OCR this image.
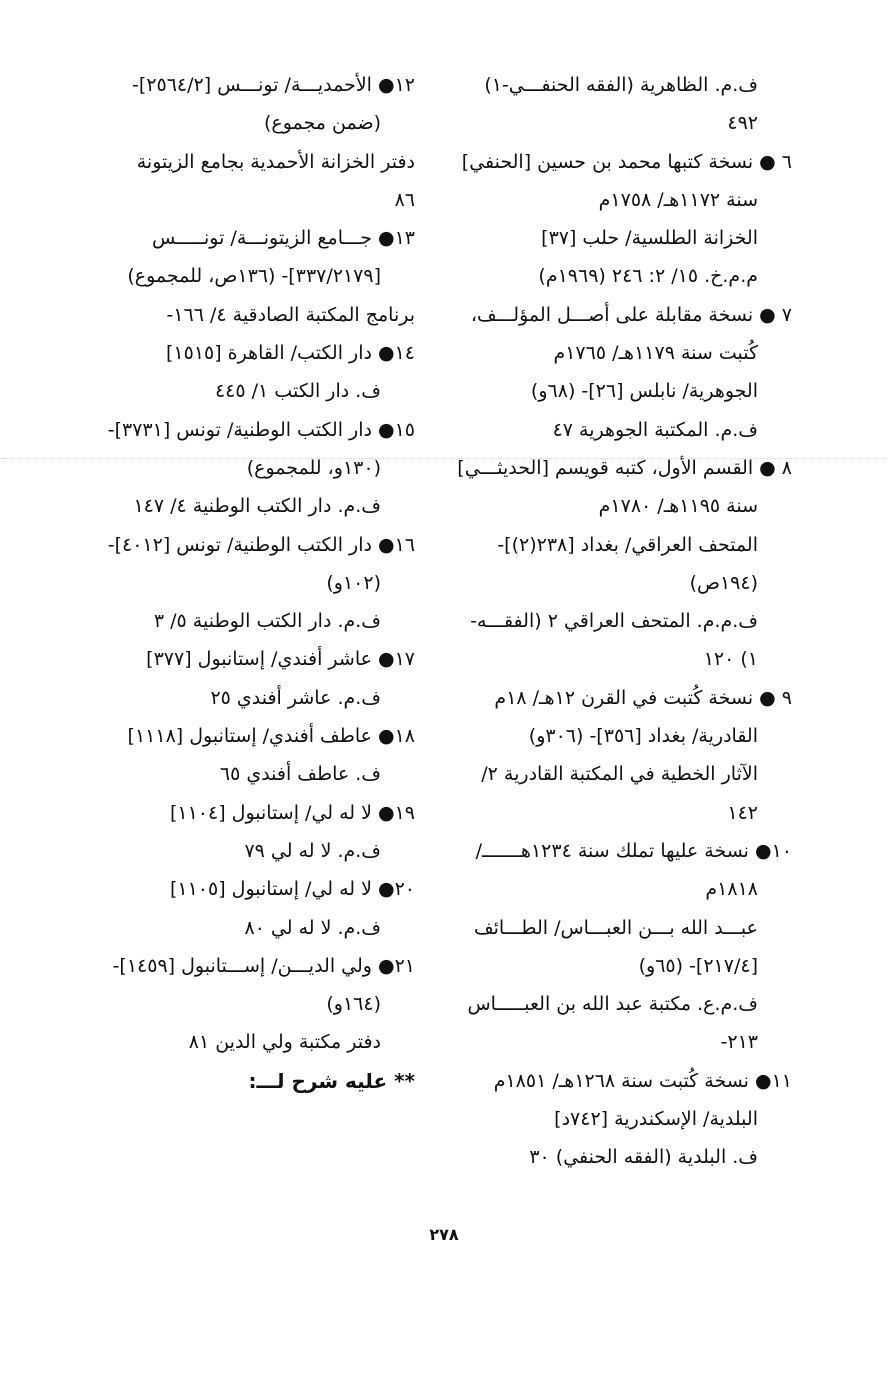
ف.م. الظاهرية (الفقه الحنفـــي-١)
٤٩٢
٦ ● نسخة كتبها محمد بن حسين [الحنفي]
سنة ١١٧٢هـ/ ١٧٥٨م
الخزانة الطلسية/ حلب [٣٧]
م.م.خ. ١٥/ ٢: ٢٤٦ (١٩٦٩م)
٧ ● نسخة مقابلة على أصـــل المؤلـــف،
كُتبت سنة ١١٧٩هـ/ ١٧٦٥م
الجوهرية/ نابلس [٢٦]- (٦٨و)
ف.م. المكتبة الجوهرية ٤٧
٨ ● القسم الأول، كتبه قويسم [الحديثـــي]
سنة ١١٩٥هـ/ ١٧٨٠م
المتحف العراقي/ بغداد [٢٣٨(٢)]-
(١٩٤ص)
ف.م.م. المتحف العراقي ٢ (الفقـــه-
١) ١٢٠
٩ ● نسخة كُتبت في القرن ١٢هـ/ ١٨م
القادرية/ بغداد [٣٥٦]- (٣٠٦و)
الآثار الخطية في المكتبة القادرية ٢/
١٤٢
١٠● نسخة عليها تملك سنة ١٢٣٤هـــــــ/
١٨١٨م
عبـــد الله بـــن العبـــاس/ الطـــائف
[٢١٧/٤]- (٦٥و)
ف.م.ع. مكتبة عبد الله بن العبـــــاس
٢١٣-
١١● نسخة كُتبت سنة ١٢٦٨هـ/ ١٨٥١م
البلدية/ الإسكندرية [٧٤٢د]
ف. البلدية (الفقه الحنفي) ٣٠
١٢● الأحمديـــة/ تونـــس [٢٥٦٤/٢]-
(ضمن مجموع)
دفتر الخزانة الأحمدية بجامع الزيتونة
٨٦
١٣● جـــامع الزيتونـــة/ تونـــــس
[٣٣٧/٢١٧٩]- (١٣٦ص، للمجموع)
برنامج المكتبة الصادقية ٤/ ١٦٦-
١٤● دار الكتب/ القاهرة [١٥١٥]
ف. دار الكتب ١/ ٤٤٥
١٥● دار الكتب الوطنية/ تونس [٣٧٣١]-
(١٣٠و، للمجموع)
ف.م. دار الكتب الوطنية ٤/ ١٤٧
١٦● دار الكتب الوطنية/ تونس [٤٠١٢]-
(١٠٢و)
ف.م. دار الكتب الوطنية ٥/ ٣
١٧● عاشر أفندي/ إستانبول [٣٧٧]
ف.م. عاشر أفندي ٢٥
١٨● عاطف أفندي/ إستانبول [١١١٨]
ف. عاطف أفندي ٦٥
١٩● لا له لي/ إستانبول [١١٠٤]
ف.م. لا له لي ٧٩
٢٠● لا له لي/ إستانبول [١١٠٥]
ف.م. لا له لي ٨٠
٢١● ولي الديـــن/ إســـتانبول [١٤٥٩]-
(١٦٤و)
دفتر مكتبة ولي الدين ٨١
** عليه شرح لـــ:
٢٧٨
